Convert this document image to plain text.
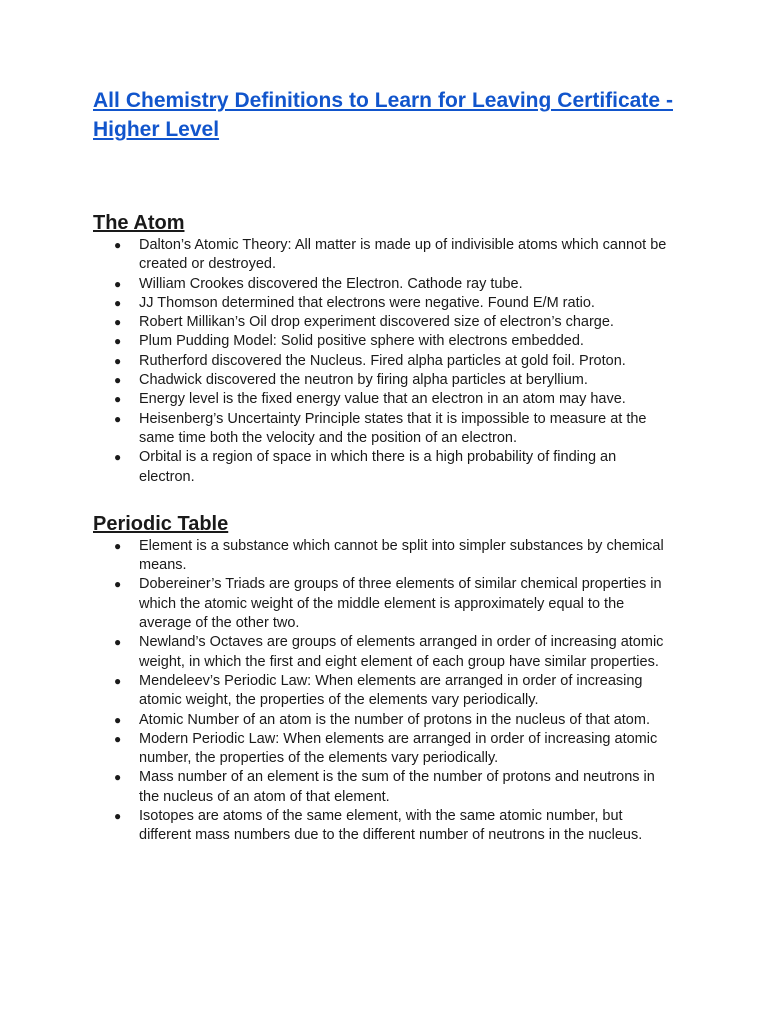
All Chemistry Definitions to Learn for Leaving Certificate - Higher Level
The Atom
● Dalton’s Atomic Theory: All matter is made up of indivisible atoms which cannot be created or destroyed.
● William Crookes discovered the Electron. Cathode ray tube.
● JJ Thomson determined that electrons were negative. Found E/M ratio.
● Robert Millikan’s Oil drop experiment discovered size of electron’s charge.
● Plum Pudding Model: Solid positive sphere with electrons embedded.
● Rutherford discovered the Nucleus. Fired alpha particles at gold foil. Proton.
● Chadwick discovered the neutron by firing alpha particles at beryllium.
● Energy level is the fixed energy value that an electron in an atom may have.
● Heisenberg’s Uncertainty Principle states that it is impossible to measure at the same time both the velocity and the position of an electron.
● Orbital is a region of space in which there is a high probability of finding an electron.
Periodic Table
● Element is a substance which cannot be split into simpler substances by chemical means.
● Dobereiner’s Triads are groups of three elements of similar chemical properties in which the atomic weight of the middle element is approximately equal to the average of the other two.
● Newland’s Octaves are groups of elements arranged in order of increasing atomic weight, in which the first and eight element of each group have similar properties.
● Mendeleev’s Periodic Law: When elements are arranged in order of increasing atomic weight, the properties of the elements vary periodically.
● Atomic Number of an atom is the number of protons in the nucleus of that atom.
● Modern Periodic Law: When elements are arranged in order of increasing atomic number, the properties of the elements vary periodically.
● Mass number of an element is the sum of the number of protons and neutrons in the nucleus of an atom of that element.
● Isotopes are atoms of the same element, with the same atomic number, but different mass numbers due to the different number of neutrons in the nucleus.
